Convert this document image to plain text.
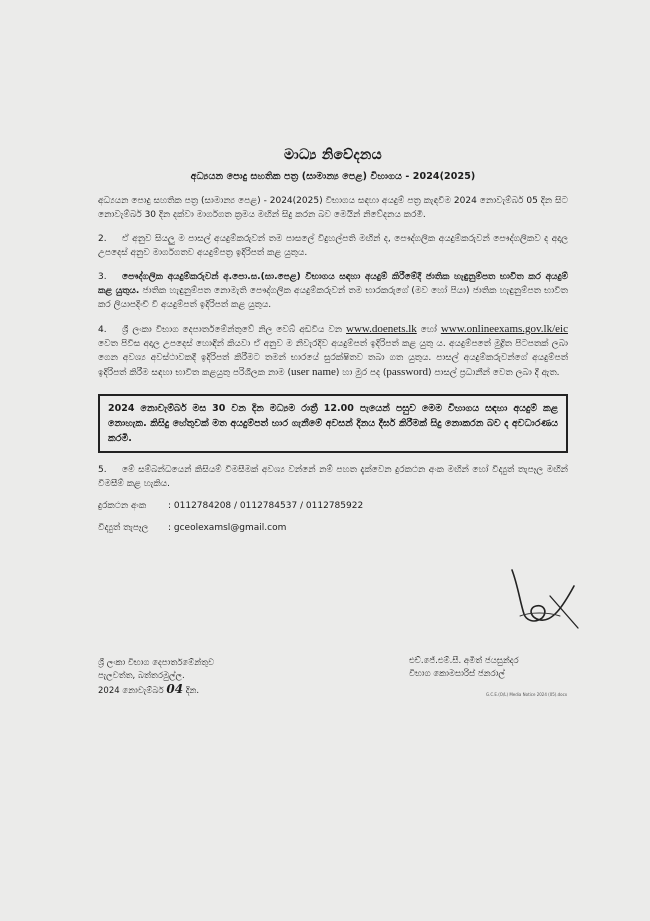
මාධ්‍ය නිවේදනය
අධ්‍යයන පොදු සහතික පත්‍ර (සාමාන්‍ය පෙළ) විභාගය - 2024(2025)

අධ්‍යයන පොදු සහතික පත්‍ර (සාමාන්‍ය පෙළ) - 2024(2025) විභාගය සඳහා අයදුම් පත්‍ර කැඳවීම 2024 නොවැම්බර් 05 දින සිට නොවැම්බර් 30 දින දක්වා මාර්ගගත ක්‍රමය මඟින් සිදු කරන බව මෙයින් නිවේදනය කරමි.

2. ඒ අනුව සියලු ම පාසල් අයදුම්කරුවන් තම පාසලේ විදුහල්පති මඟින් ද, පෞද්ගලික අයදුම්කරුවන් පෞද්ගලිකව ද අදාල උපදෙස් අනුව මාර්ගගතව අයදුම්පත්‍ර ඉදිරිපත් කළ යුතුය.

3. පෞද්ගලික අයදුම්කරුවන් අ.පො.ස.(සා.පෙළ) විභාගය සඳහා අයදුම් කිරීමේදී ජාතික හැඳුනුම්පත භාවිත කර අයදුම් කළ යුතුය. ජාතික හැඳුනුම්පත නොමැති පෞද්ගලික අයදුම්කරුවන් තම භාරකරුගේ (මව හෝ පියා) ජාතික හැඳුනුම්පත භාවිත කර ලියාපදිංචි වී අයදුම්පත් ඉදිරිපත් කළ යුතුය.

4. ශ්‍රී ලංකා විභාග දෙපාර්තමේන්තුවේ නිල වෙබ් අඩවිය වන www.doenets.lk හෝ www.onlineexams.gov.lk/eic වෙත පිවිස අදාල උපදෙස් හොඳින් කියවා ඒ අනුව ම නිවැරදිව අයදුම්පත් ඉදිරිපත් කළ යුතු ය. අයදුම්පතේ මුද්‍රිත පිටපතක් ලබා ගෙන අවශ්‍ය අවස්ථාවකදී ඉදිරිපත් කිරීමට තමන් භාරයේ සුරක්ෂිතව තබා ගත යුතුය. පාසල් අයදුම්කරුවන්ගේ අයදුම්පත් ඉදිරිපත් කිරීම සඳහා භාවිත කළයුතු පරිශීලක නාම (user name) හා මුර පද (password) පාසල් ප්‍රධානීන් වෙත ලබා දී ඇත.

2024 නොවැම්බර් මස 30 වන දින මධ්‍යම රාත්‍රී 12.00 පැයෙන් පසුව මෙම විභාගය සඳහා අයදුම් කළ නොහැක. කිසිදු හේතුවක් මත අයදුම්පත් භාර ගැනීමේ අවසන් දිනය දීර්ඝ කිරීමක් සිදු නොකරන බව ද අවධාරණය කරමි.

5. මේ සම්බන්ධයෙන් කිසියම් විමසීමක් අවශ්‍ය වන්නේ නම් පහත දැක්වෙන දුරකථන අංක මඟින් හෝ විද්‍යුත් තැපෑල මඟින් විමසීම් කළ හැකිය.

දුරකථන අංක	: 0112784208 / 0112784537 / 0112785922
විද්‍යුත් තැපෑල	: gceolexamsl@gmail.com
එච්.ජේ.එම්.සී. අමිත් ජයසුන්දර
විභාග කොමසාරිස් ජනරාල්
ශ්‍රී ලංකා විභාග දෙපාර්තමේන්තුව
පැලවත්ත, බත්තරමුල්ල.
2024 නොවැම්බර් 04 දින.	G.C.E.(O/L) Media Notice 2024 (05).docx
